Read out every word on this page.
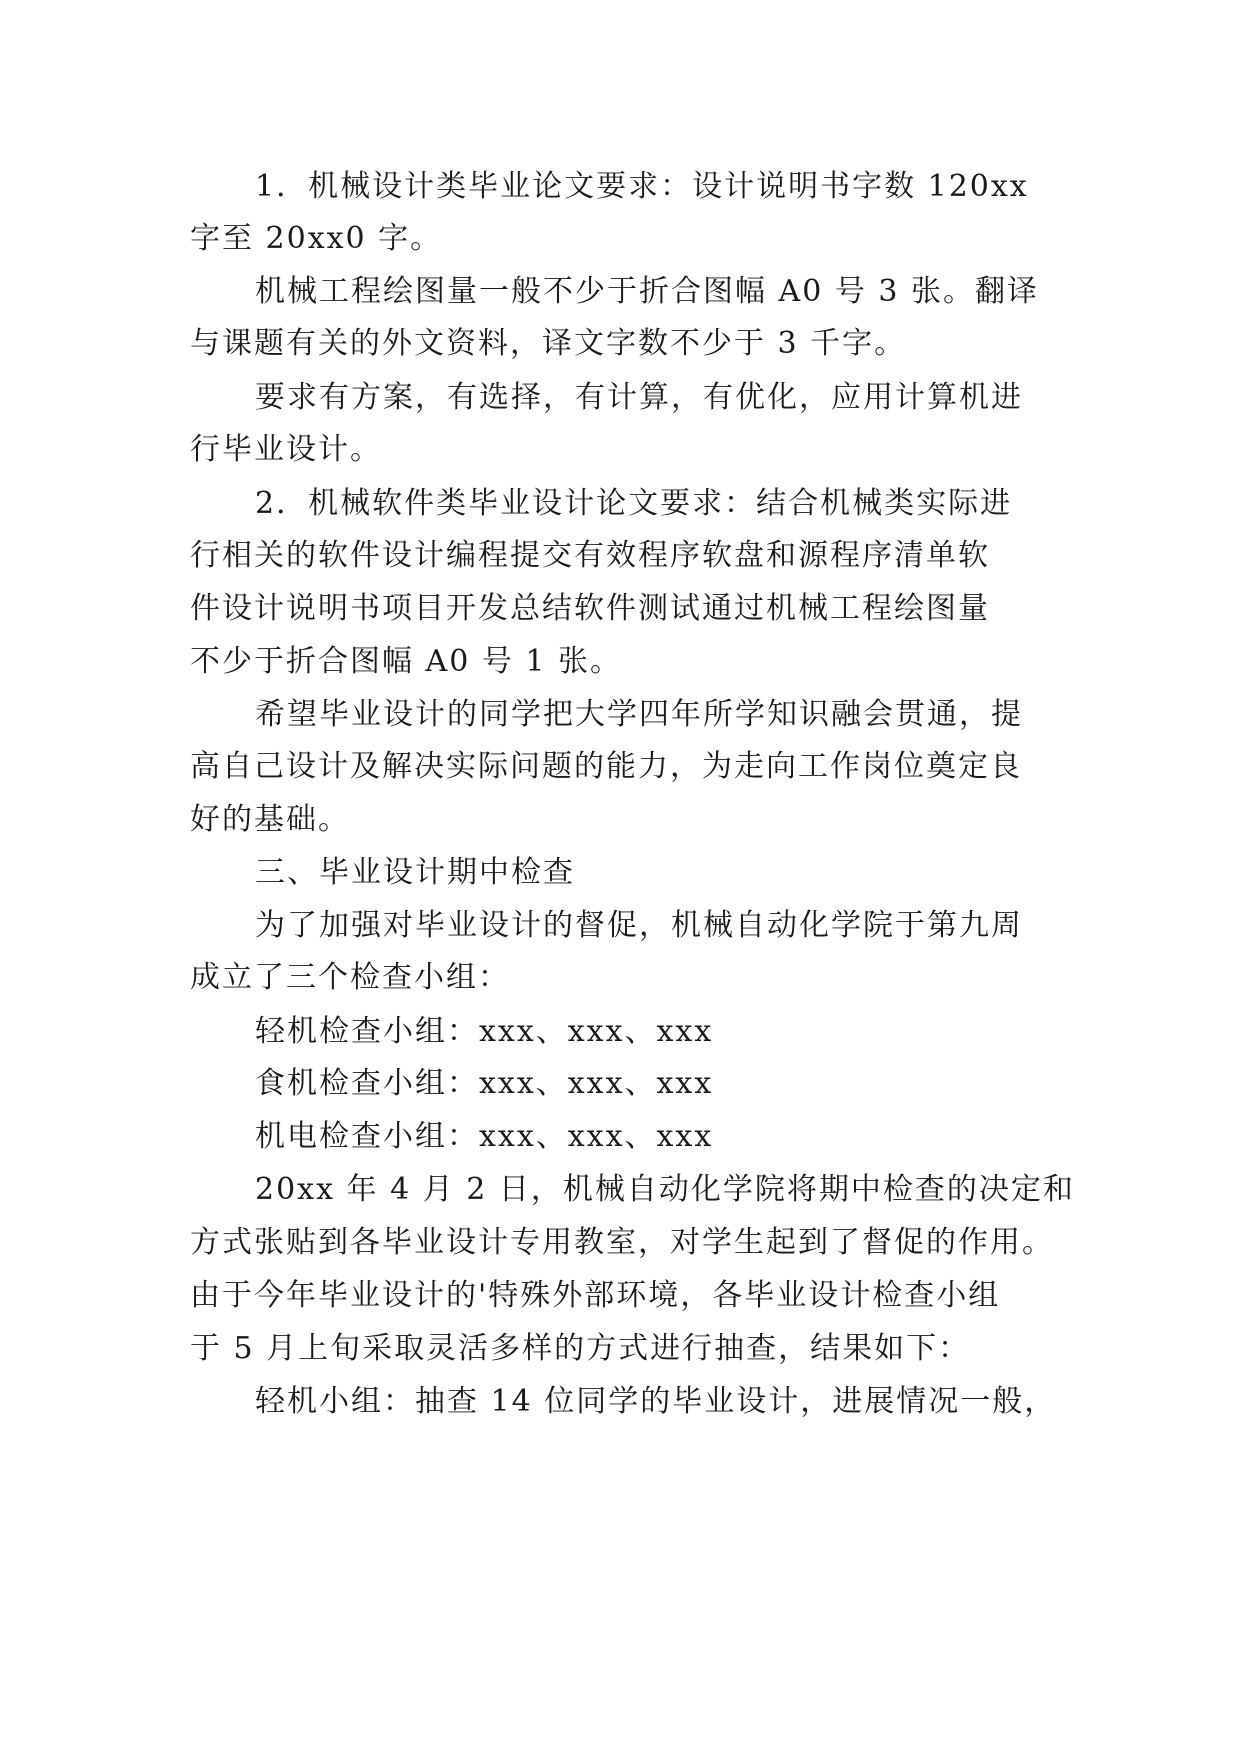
1．机械设计类毕业论文要求：设计说明书字数 120xx
字至 20xx0 字。
机械工程绘图量一般不少于折合图幅 A0 号 3 张。翻译
与课题有关的外文资料，译文字数不少于 3 千字。
要求有方案，有选择，有计算，有优化，应用计算机进
行毕业设计。
2．机械软件类毕业设计论文要求：结合机械类实际进
行相关的软件设计编程提交有效程序软盘和源程序清单软
件设计说明书项目开发总结软件测试通过机械工程绘图量
不少于折合图幅 A0 号 1 张。
希望毕业设计的同学把大学四年所学知识融会贯通，提
高自己设计及解决实际问题的能力，为走向工作岗位奠定良
好的基础。
三、毕业设计期中检查
为了加强对毕业设计的督促，机械自动化学院于第九周
成立了三个检查小组：
轻机检查小组：xxx、xxx、xxx
食机检查小组：xxx、xxx、xxx
机电检查小组：xxx、xxx、xxx
20xx 年 4 月 2 日，机械自动化学院将期中检查的决定和
方式张贴到各毕业设计专用教室，对学生起到了督促的作用。
由于今年毕业设计的'特殊外部环境，各毕业设计检查小组
于 5 月上旬采取灵活多样的方式进行抽查，结果如下：
轻机小组：抽查 14 位同学的毕业设计，进展情况一般，
